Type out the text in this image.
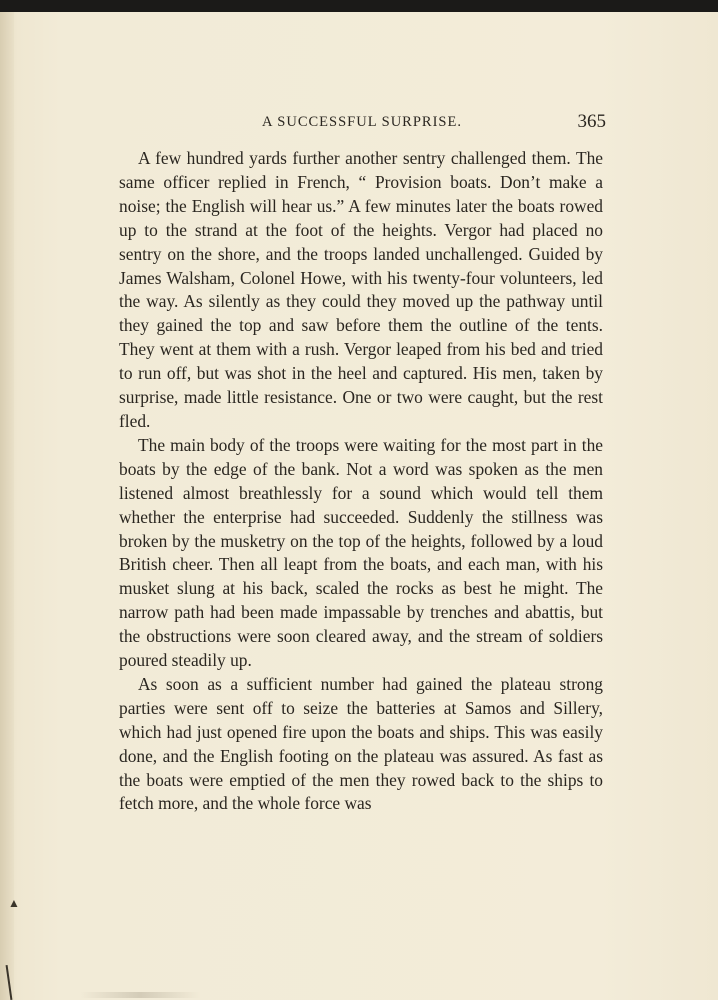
A SUCCESSFUL SURPRISE.	365

A few hundred yards further another sentry challenged them. The same officer replied in French, “ Provision boats. Don’t make a noise; the English will hear us.” A few minutes later the boats rowed up to the strand at the foot of the heights. Vergor had placed no sentry on the shore, and the troops landed unchallenged. Guided by James Walsham, Colonel Howe, with his twenty-four volunteers, led the way. As silently as they could they moved up the pathway until they gained the top and saw before them the outline of the tents. They went at them with a rush. Vergor leaped from his bed and tried to run off, but was shot in the heel and captured. His men, taken by surprise, made little resistance. One or two were caught, but the rest fled.

The main body of the troops were waiting for the most part in the boats by the edge of the bank. Not a word was spoken as the men listened almost breathlessly for a sound which would tell them whether the enterprise had succeeded. Suddenly the stillness was broken by the musketry on the top of the heights, followed by a loud British cheer. Then all leapt from the boats, and each man, with his musket slung at his back, scaled the rocks as best he might. The narrow path had been made impassable by trenches and abattis, but the obstructions were soon cleared away, and the stream of soldiers poured steadily up.

As soon as a sufficient number had gained the plateau strong parties were sent off to seize the batteries at Samos and Sillery, which had just opened fire upon the boats and ships. This was easily done, and the English footing on the plateau was assured. As fast as the boats were emptied of the men they rowed back to the ships to fetch more, and the whole force was

▲
